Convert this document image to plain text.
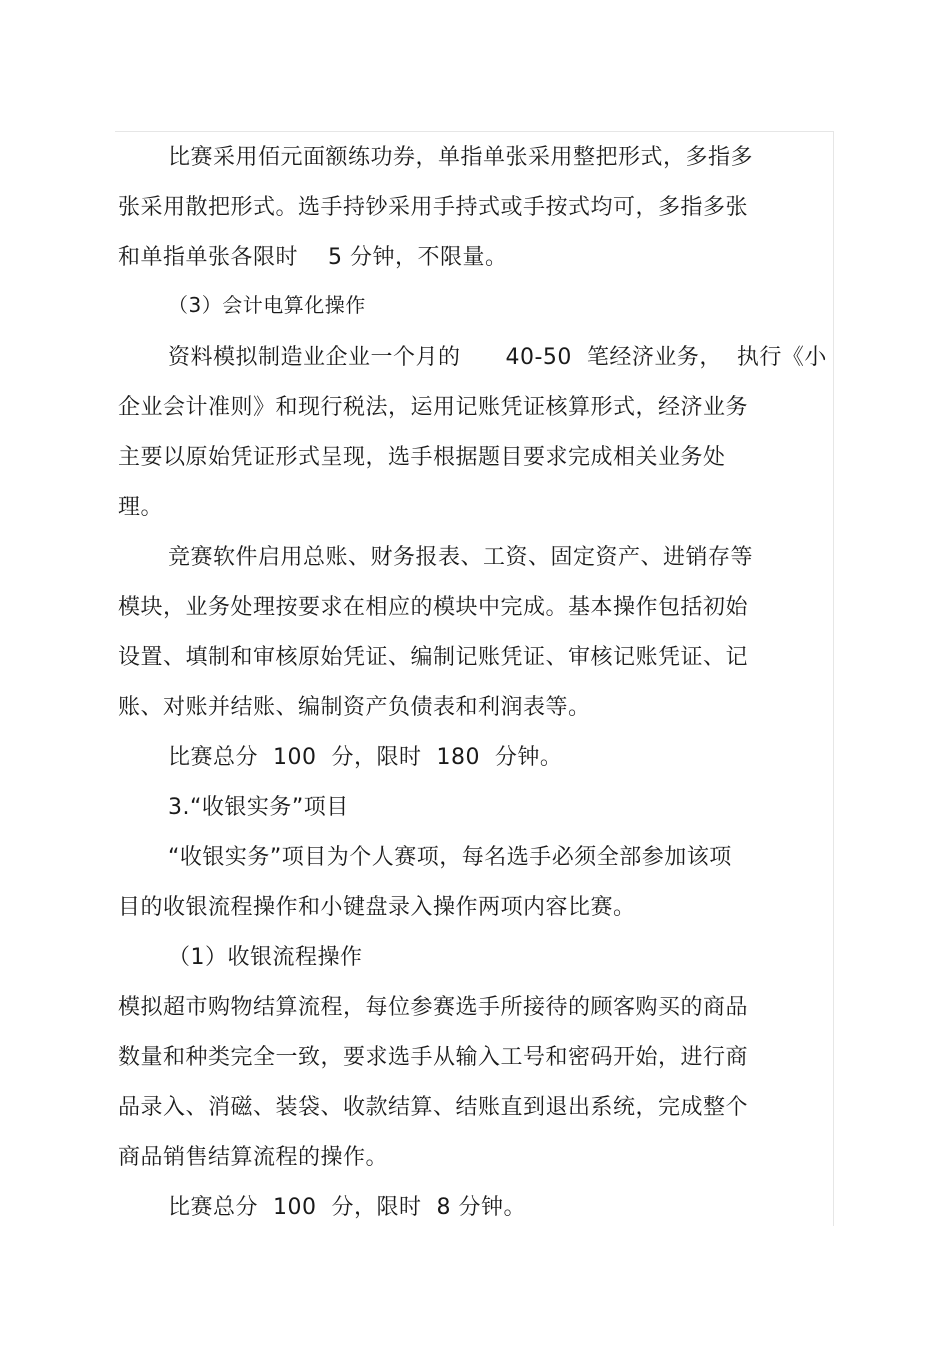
比赛采用佰元面额练功券，单指单张采用整把形式，多指多
张采用散把形式。选手持钞采用手持式或手按式均可，多指多张
和单指单张各限时    5 分钟，不限量。
（3）会计电算化操作
资料模拟制造业企业一个月的      40-50  笔经济业务，  执行《小
企业会计准则》和现行税法，运用记账凭证核算形式，经济业务
主要以原始凭证形式呈现，选手根据题目要求完成相关业务处
理。
竞赛软件启用总账、财务报表、工资、固定资产、进销存等
模块，业务处理按要求在相应的模块中完成。基本操作包括初始
设置、填制和审核原始凭证、编制记账凭证、审核记账凭证、记
账、对账并结账、编制资产负债表和利润表等。
比赛总分  100  分，限时  180  分钟。
3.“收银实务”项目
“收银实务”项目为个人赛项，每名选手必须全部参加该项
目的收银流程操作和小键盘录入操作两项内容比赛。
（1）收银流程操作
模拟超市购物结算流程，每位参赛选手所接待的顾客购买的商品
数量和种类完全一致，要求选手从输入工号和密码开始，进行商
品录入、消磁、装袋、收款结算、结账直到退出系统，完成整个
商品销售结算流程的操作。
比赛总分  100  分，限时  8 分钟。
